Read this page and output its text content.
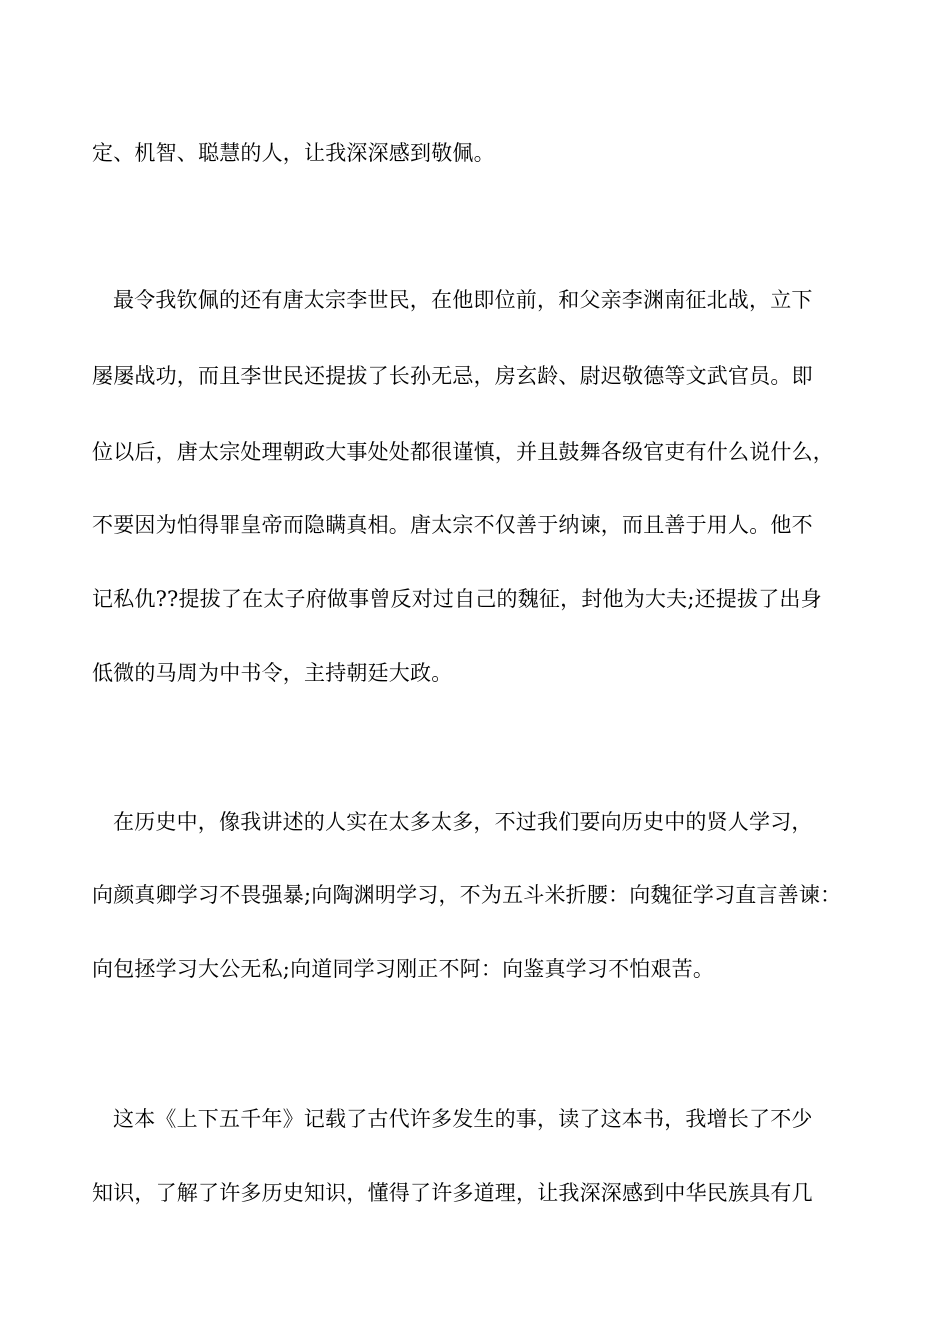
定、机智、聪慧的人，让我深深感到敬佩。
最令我钦佩的还有唐太宗李世民，在他即位前，和父亲李渊南征北战，立下
屡屡战功，而且李世民还提拔了长孙无忌，房玄龄、尉迟敬德等文武官员。即
位以后，唐太宗处理朝政大事处处都很谨慎，并且鼓舞各级官吏有什么说什么，
不要因为怕得罪皇帝而隐瞒真相。唐太宗不仅善于纳谏，而且善于用人。他不
记私仇??提拔了在太子府做事曾反对过自己的魏征，封他为大夫;还提拔了出身
低微的马周为中书令，主持朝廷大政。
在历史中，像我讲述的人实在太多太多，不过我们要向历史中的贤人学习，
向颜真卿学习不畏强暴;向陶渊明学习，不为五斗米折腰：向魏征学习直言善谏：
向包拯学习大公无私;向道同学习刚正不阿：向鉴真学习不怕艰苦。
这本《上下五千年》记载了古代许多发生的事，读了这本书，我增长了不少
知识，了解了许多历史知识，懂得了许多道理，让我深深感到中华民族具有几
